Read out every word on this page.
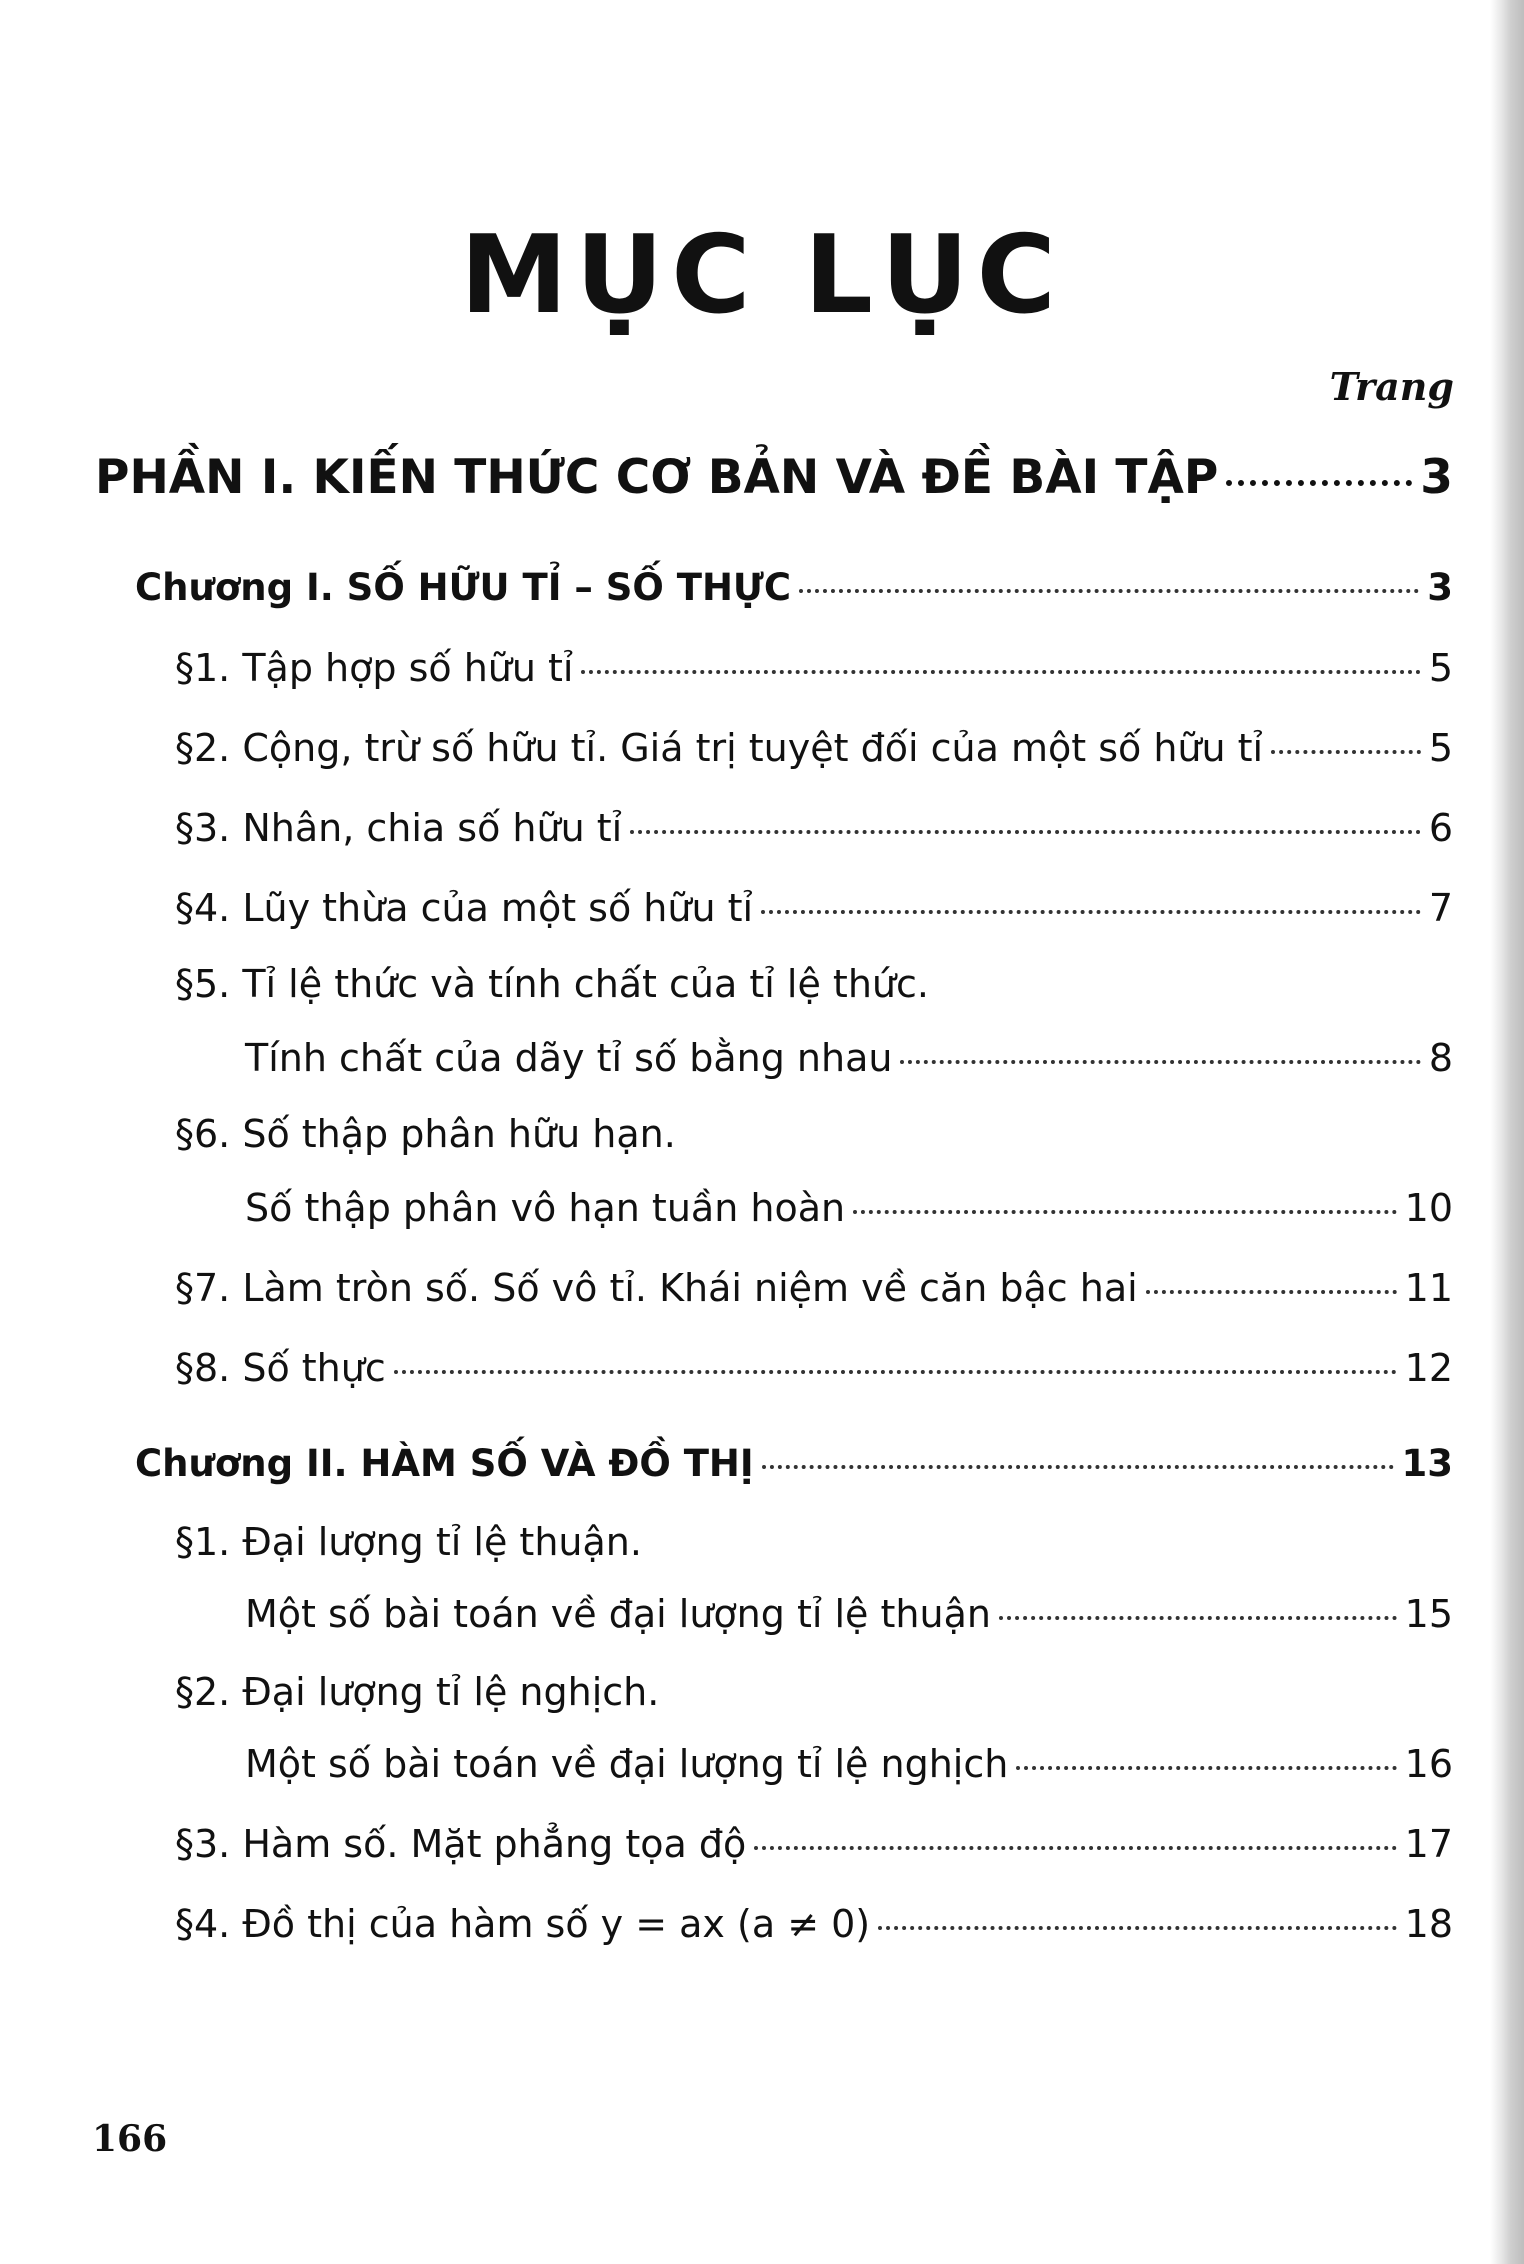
MỤC LỤC
Trang
PHẦN I. KIẾN THỨC CƠ BẢN VÀ ĐỀ BÀI TẬP	3
Chương I. SỐ HỮU TỈ – SỐ THỰC	3
§1. Tập hợp số hữu tỉ	5
§2. Cộng, trừ số hữu tỉ. Giá trị tuyệt đối của một số hữu tỉ	5
§3. Nhân, chia số hữu tỉ	6
§4. Lũy thừa của một số hữu tỉ	7
§5. Tỉ lệ thức và tính chất của tỉ lệ thức.
Tính chất của dãy tỉ số bằng nhau	8
§6. Số thập phân hữu hạn.
Số thập phân vô hạn tuần hoàn	10
§7. Làm tròn số. Số vô tỉ. Khái niệm về căn bậc hai	11
§8. Số thực	12
Chương II. HÀM SỐ VÀ ĐỒ THỊ	13
§1. Đại lượng tỉ lệ thuận.
Một số bài toán về đại lượng tỉ lệ thuận	15
§2. Đại lượng tỉ lệ nghịch.
Một số bài toán về đại lượng tỉ lệ nghịch	16
§3. Hàm số. Mặt phẳng tọa độ	17
§4. Đồ thị của hàm số y = ax (a ≠ 0)	18
166
